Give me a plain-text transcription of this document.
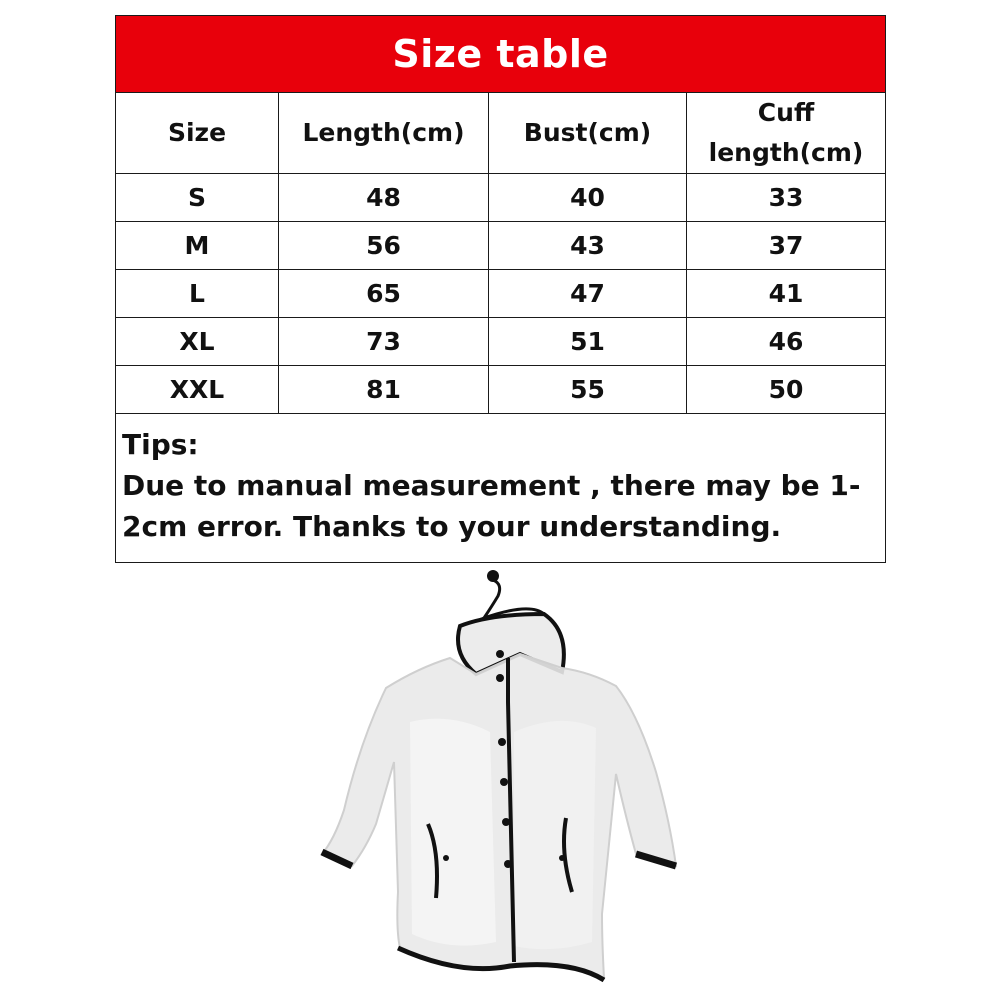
Size table			
Size	Length(cm)	Bust(cm)	Cuff
length(cm)

S	48	40	33
M	56	43	37
L	65	47	41
XL	73	51	46
XXL	81	55	50

Tips:
Due to manual measurement , there may be 1-2cm error. Thanks to your understanding.			
